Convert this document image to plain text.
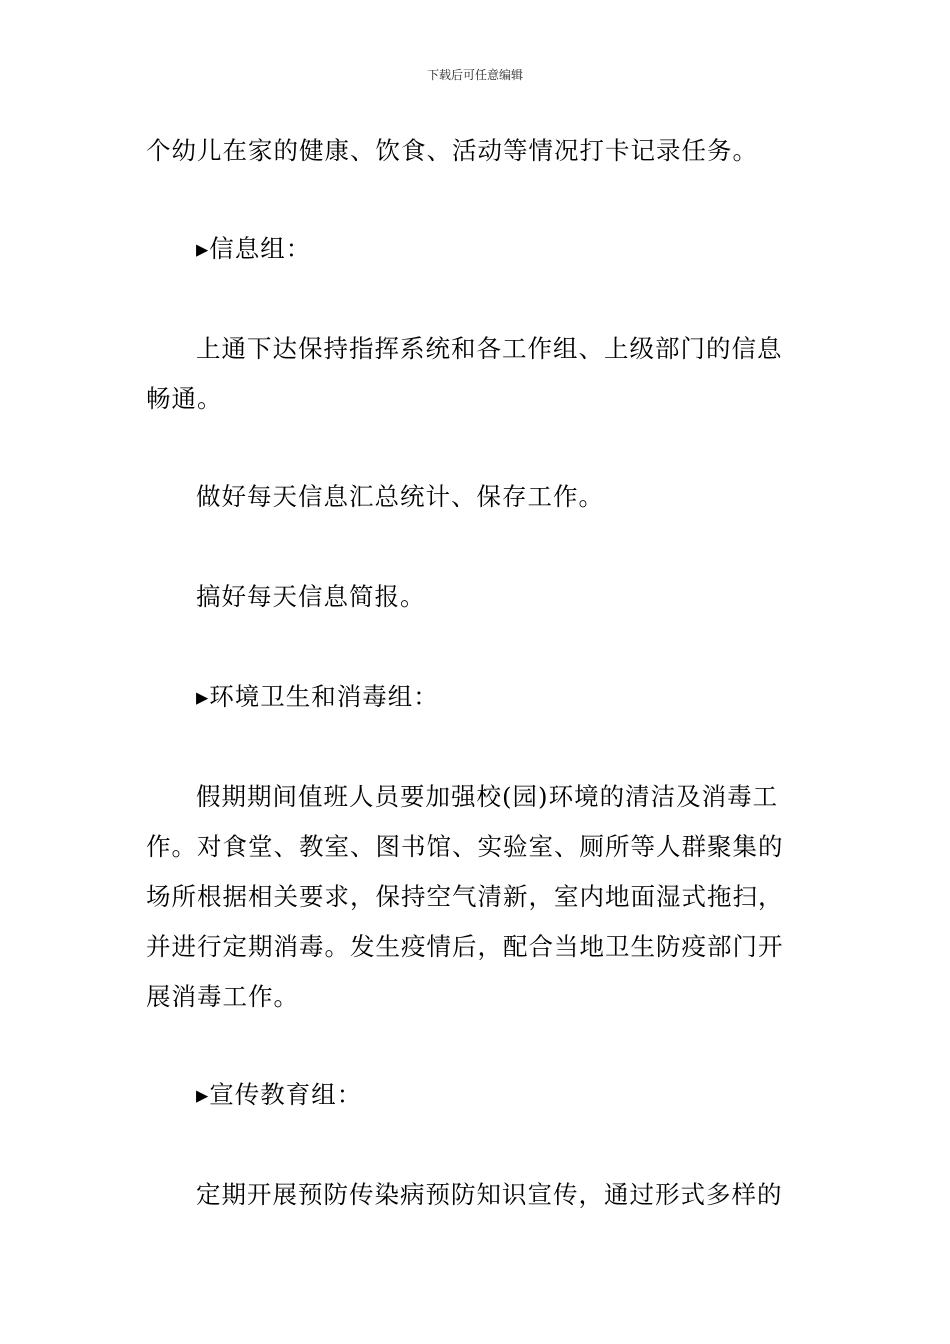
下载后可任意编辑
个幼儿在家的健康、饮食、活动等情况打卡记录任务。
▸信息组：
上通下达保持指挥系统和各工作组、上级部门的信息
畅通。
做好每天信息汇总统计、保存工作。
搞好每天信息简报。
▸环境卫生和消毒组：
假期期间值班人员要加强校(园)环境的清洁及消毒工
作。对食堂、教室、图书馆、实验室、厕所等人群聚集的
场所根据相关要求，保持空气清新，室内地面湿式拖扫，
并进行定期消毒。发生疫情后，配合当地卫生防疫部门开
展消毒工作。
▸宣传教育组：
定期开展预防传染病预防知识宣传，通过形式多样的
